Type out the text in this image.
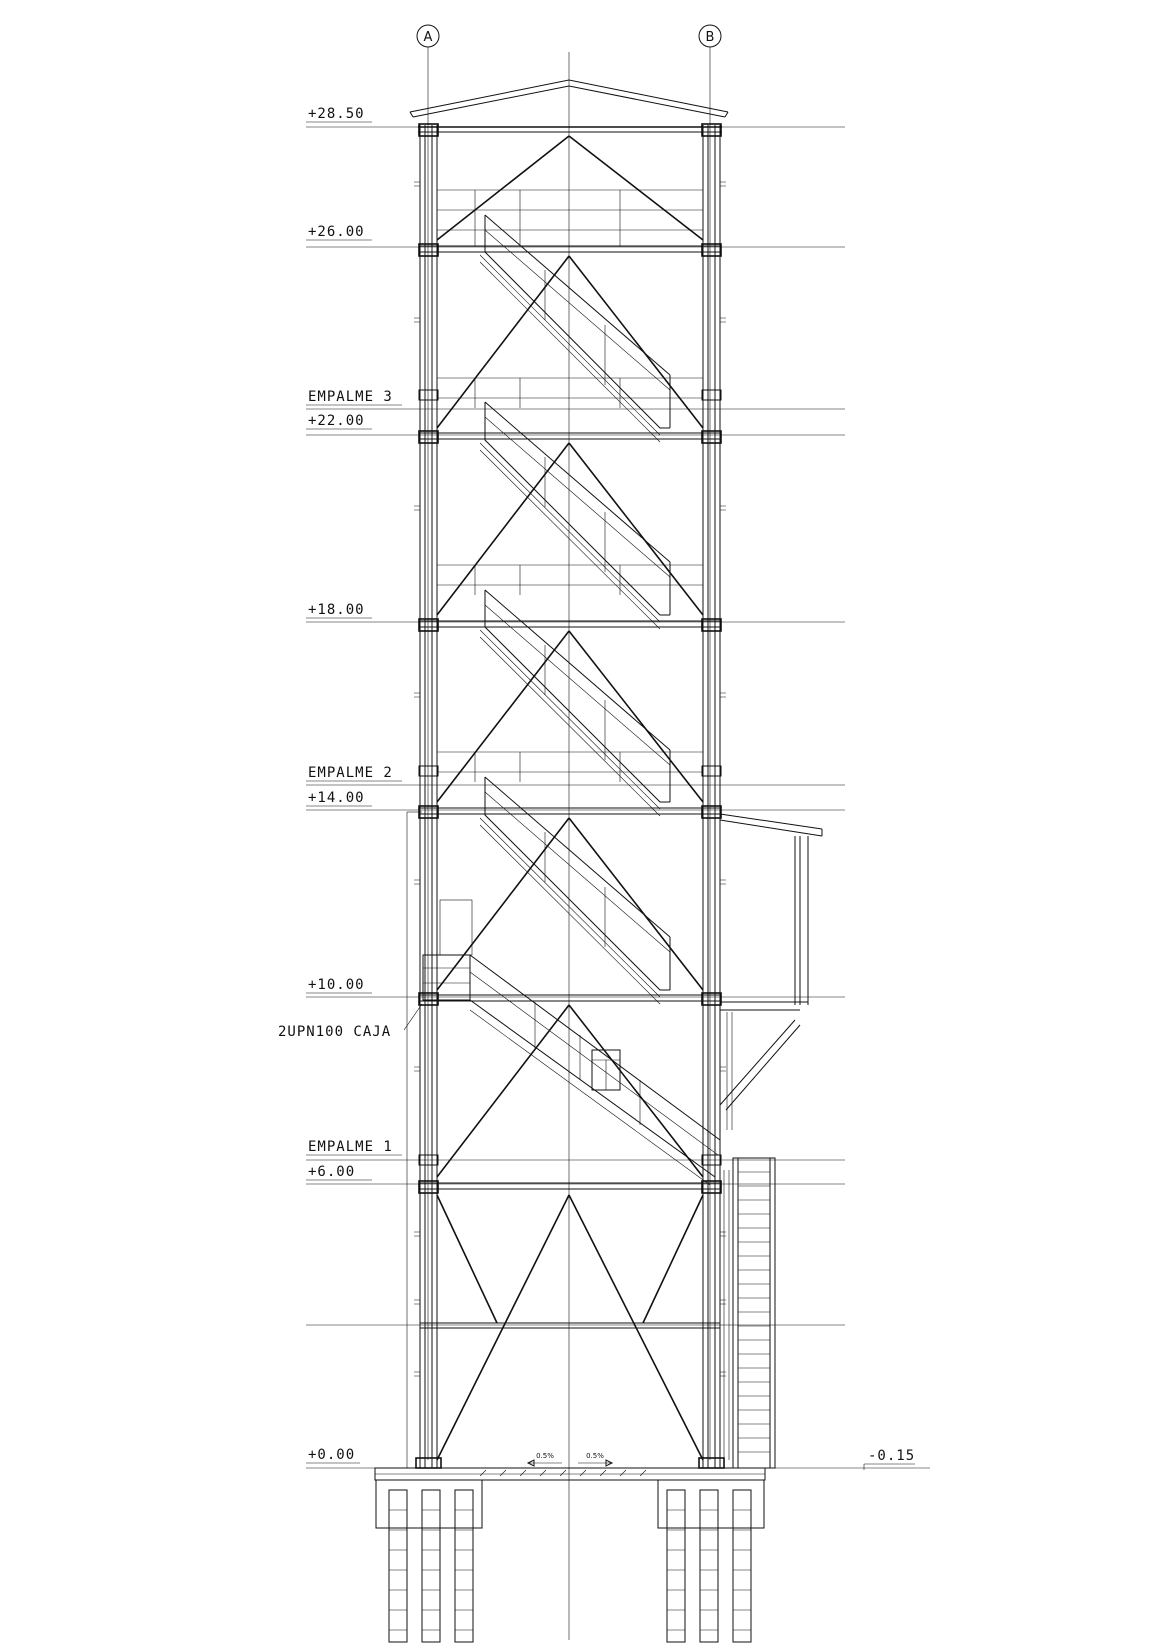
A	B
0.5%	0.5%
+28.50
+26.00
EMPALME 3
+22.00
+18.00
EMPALME 2
+14.00
+10.00
EMPALME 1
+6.00
+0.00	-0.15
2UPN100 CAJA
